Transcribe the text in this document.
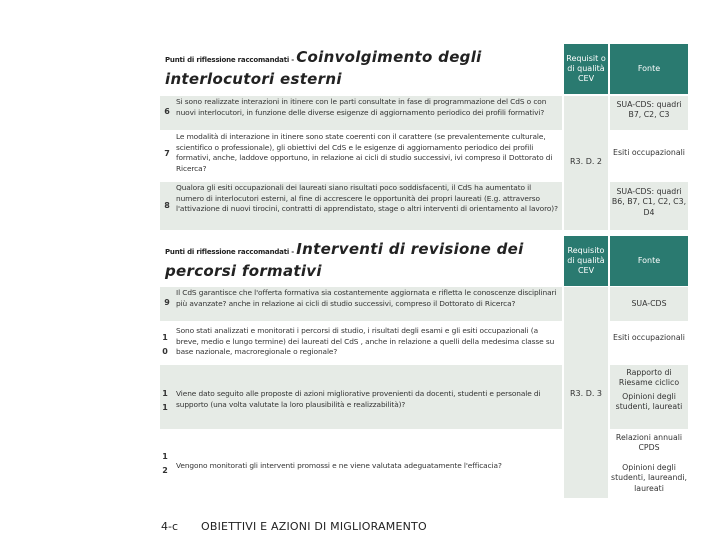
Punti di riflessione raccomandati - Coinvolgimento degli
interlocutori esterni
Requisit o di qualità CEV
Fonte
6
Si sono realizzate interazioni in itinere con le parti consultate in fase di programmazione del CdS o con nuovi interlocutori, in funzione delle diverse esigenze di aggiornamento periodico dei profili formativi?
7
Le modalità di interazione in itinere sono state coerenti con il carattere (se prevalentemente culturale, scientifico o professionale), gli obiettivi del CdS e le esigenze di aggiornamento periodico dei profili formativi, anche, laddove opportuno, in relazione ai cicli di studio successivi, ivi compreso il Dottorato di Ricerca?
8
Qualora gli esiti occupazionali dei laureati siano risultati poco soddisfacenti, il CdS ha aumentato il numero di interlocutori esterni, al fine di accrescere le opportunità dei propri laureati (E.g. attraverso l'attivazione di nuovi tirocini, contratti di apprendistato, stage o altri interventi di orientamento al lavoro)?
R3. D. 2
SUA-CDS: quadri B7, C2, C3
Esiti occupazionali
SUA-CDS: quadri B6, B7, C1, C2, C3, D4
Punti di riflessione raccomandati - Interventi di revisione dei
percorsi formativi
Requisito di qualità CEV
Fonte
9
Il CdS garantisce che l'offerta formativa sia costantemente aggiornata e rifletta le conoscenze disciplinari più avanzate? anche in relazione ai cicli di studio successivi, compreso il Dottorato di Ricerca?
1 0
Sono stati analizzati e monitorati i percorsi di studio, i risultati degli esami e gli esiti occupazionali (a breve, medio e lungo termine) dei laureati del CdS , anche in relazione a quelli della medesima classe su base nazionale, macroregionale o regionale?
1 1
Viene dato seguito alle proposte di azioni migliorative provenienti da docenti, studenti e personale di supporto (una volta valutate la loro plausibilità e realizzabilità)?
1 2
Vengono monitorati gli interventi promossi e ne viene valutata adeguatamente l'efficacia?
R3. D. 3
SUA-CDS
Esiti occupazionali
Rapporto di Riesame ciclico
Opinioni degli studenti, laureati
Relazioni annuali CPDS
Opinioni degli studenti, laureandi, laureati
4-c OBIETTIVI E AZIONI DI MIGLIORAMENTO
